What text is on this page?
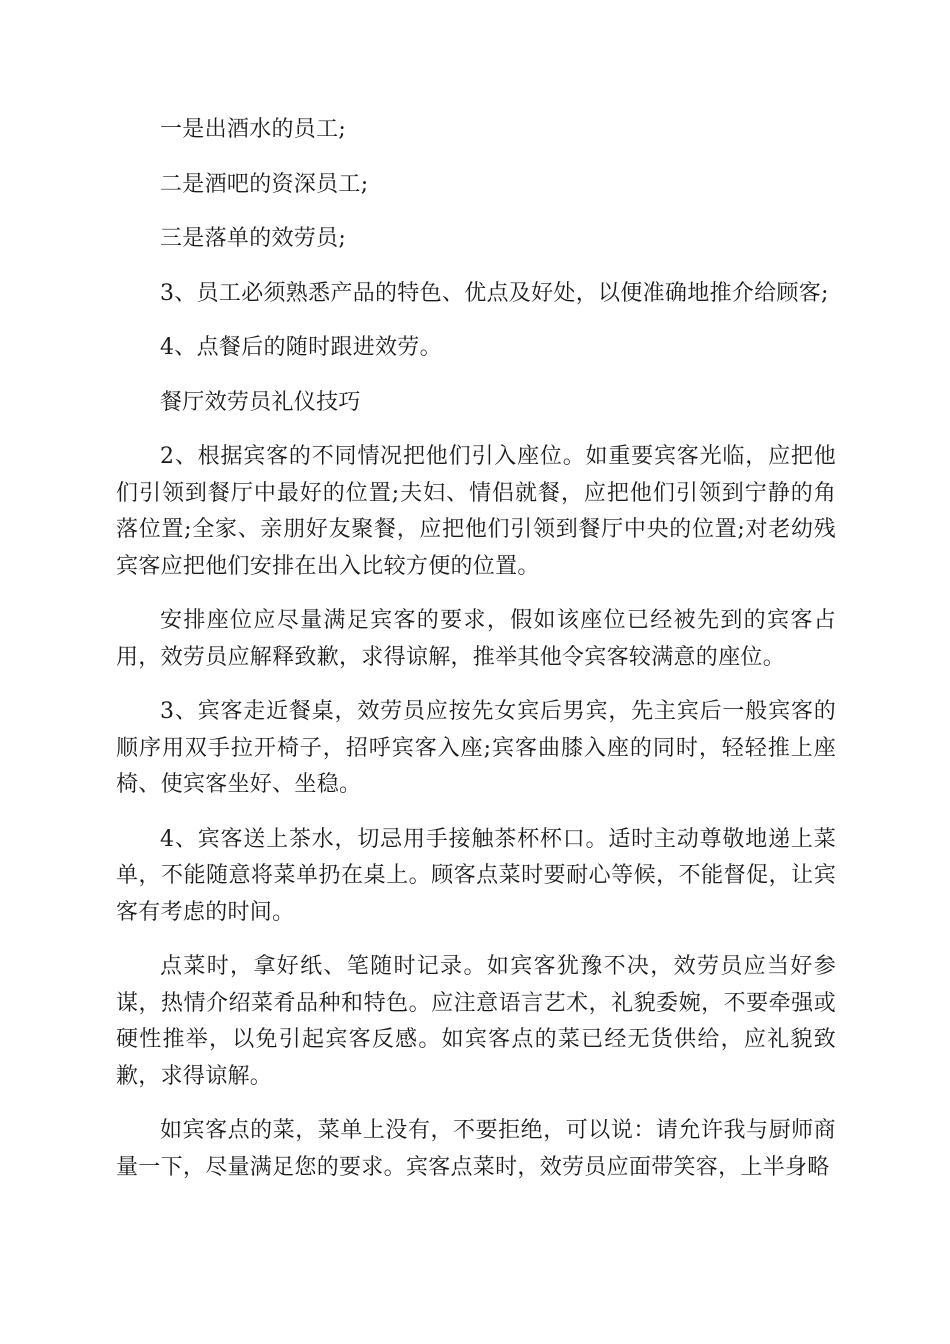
一是出酒水的员工;

二是酒吧的资深员工;

三是落单的效劳员;

3、员工必须熟悉产品的特色、优点及好处，以便准确地推介给顾客;

4、点餐后的随时跟进效劳。

餐厅效劳员礼仪技巧

2、根据宾客的不同情况把他们引入座位。如重要宾客光临，应把他们引领到餐厅中最好的位置;夫妇、情侣就餐，应把他们引领到宁静的角落位置;全家、亲朋好友聚餐，应把他们引领到餐厅中央的位置;对老幼残宾客应把他们安排在出入比较方便的位置。

安排座位应尽量满足宾客的要求，假如该座位已经被先到的宾客占用，效劳员应解释致歉，求得谅解，推举其他令宾客较满意的座位。

3、宾客走近餐桌，效劳员应按先女宾后男宾，先主宾后一般宾客的顺序用双手拉开椅子，招呼宾客入座;宾客曲膝入座的同时，轻轻推上座椅、使宾客坐好、坐稳。

4、宾客送上茶水，切忌用手接触茶杯杯口。适时主动尊敬地递上菜单，不能随意将菜单扔在桌上。顾客点菜时要耐心等候，不能督促，让宾客有考虑的时间。

点菜时，拿好纸、笔随时记录。如宾客犹豫不决，效劳员应当好参谋，热情介绍菜肴品种和特色。应注意语言艺术，礼貌委婉，不要牵强或硬性推举，以免引起宾客反感。如宾客点的菜已经无货供给，应礼貌致歉，求得谅解。

如宾客点的菜，菜单上没有，不要拒绝，可以说：请允许我与厨师商量一下，尽量满足您的要求。宾客点菜时，效劳员应面带笑容，上半身略
